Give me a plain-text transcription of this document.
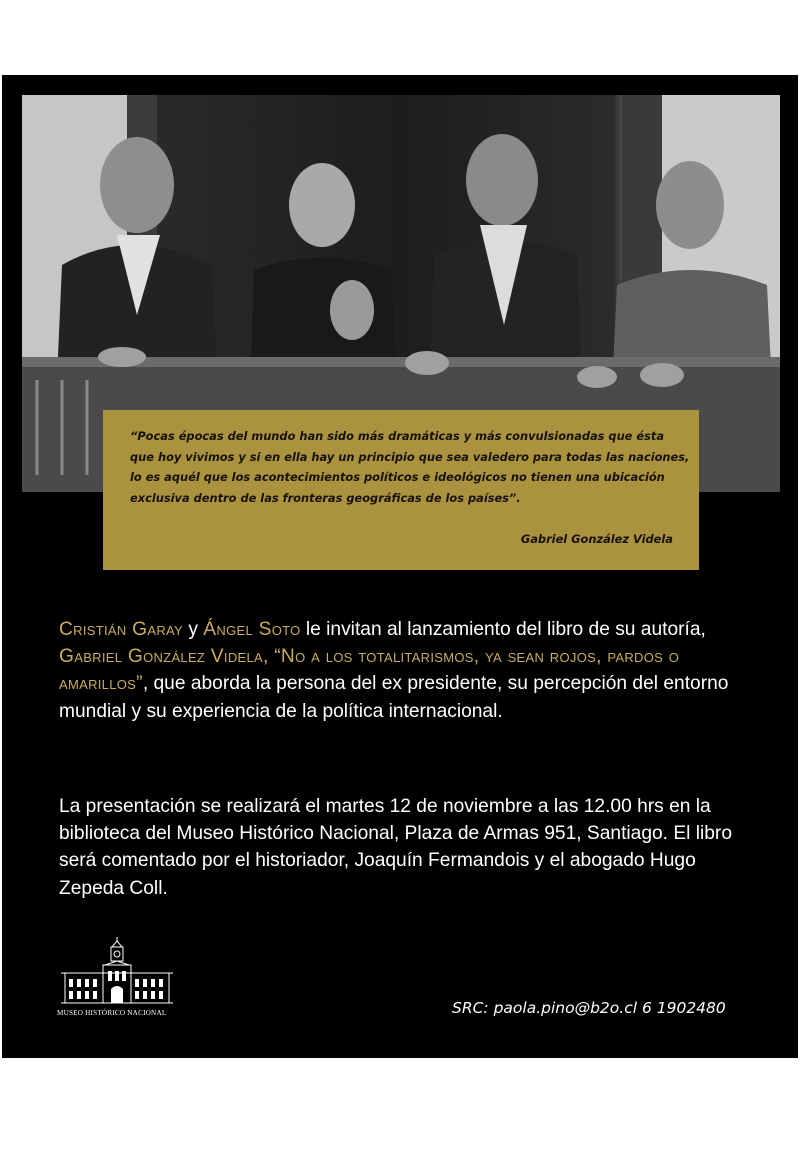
“Pocas épocas del mundo han sido más dramáticas y más convulsionadas que ésta que hoy vivimos y si en ella hay un principio que sea valedero para todas las naciones, lo es aquél que los acontecimientos políticos e ideológicos no tienen una ubicación exclusiva dentro de las fronteras geográficas de los países”.

Gabriel González Videla

Cristián Garay y Ángel Soto le invitan al lanzamiento del libro de su autoría, Gabriel González Videla, “No a los totalitarismos, ya sean rojos, pardos o amarillos”, que aborda la persona del ex presidente, su percepción del entorno mundial y su experiencia de la política internacional.

La presentación se realizará el martes 12 de noviembre a las 12.00 hrs en la biblioteca del Museo Histórico Nacional, Plaza de Armas 951, Santiago. El libro será comentado por el historiador, Joaquín Fermandois y el abogado Hugo Zepeda Coll.

MUSEO HISTÓRICO NACIONAL	SRC: paola.pino@b2o.cl 6 1902480
